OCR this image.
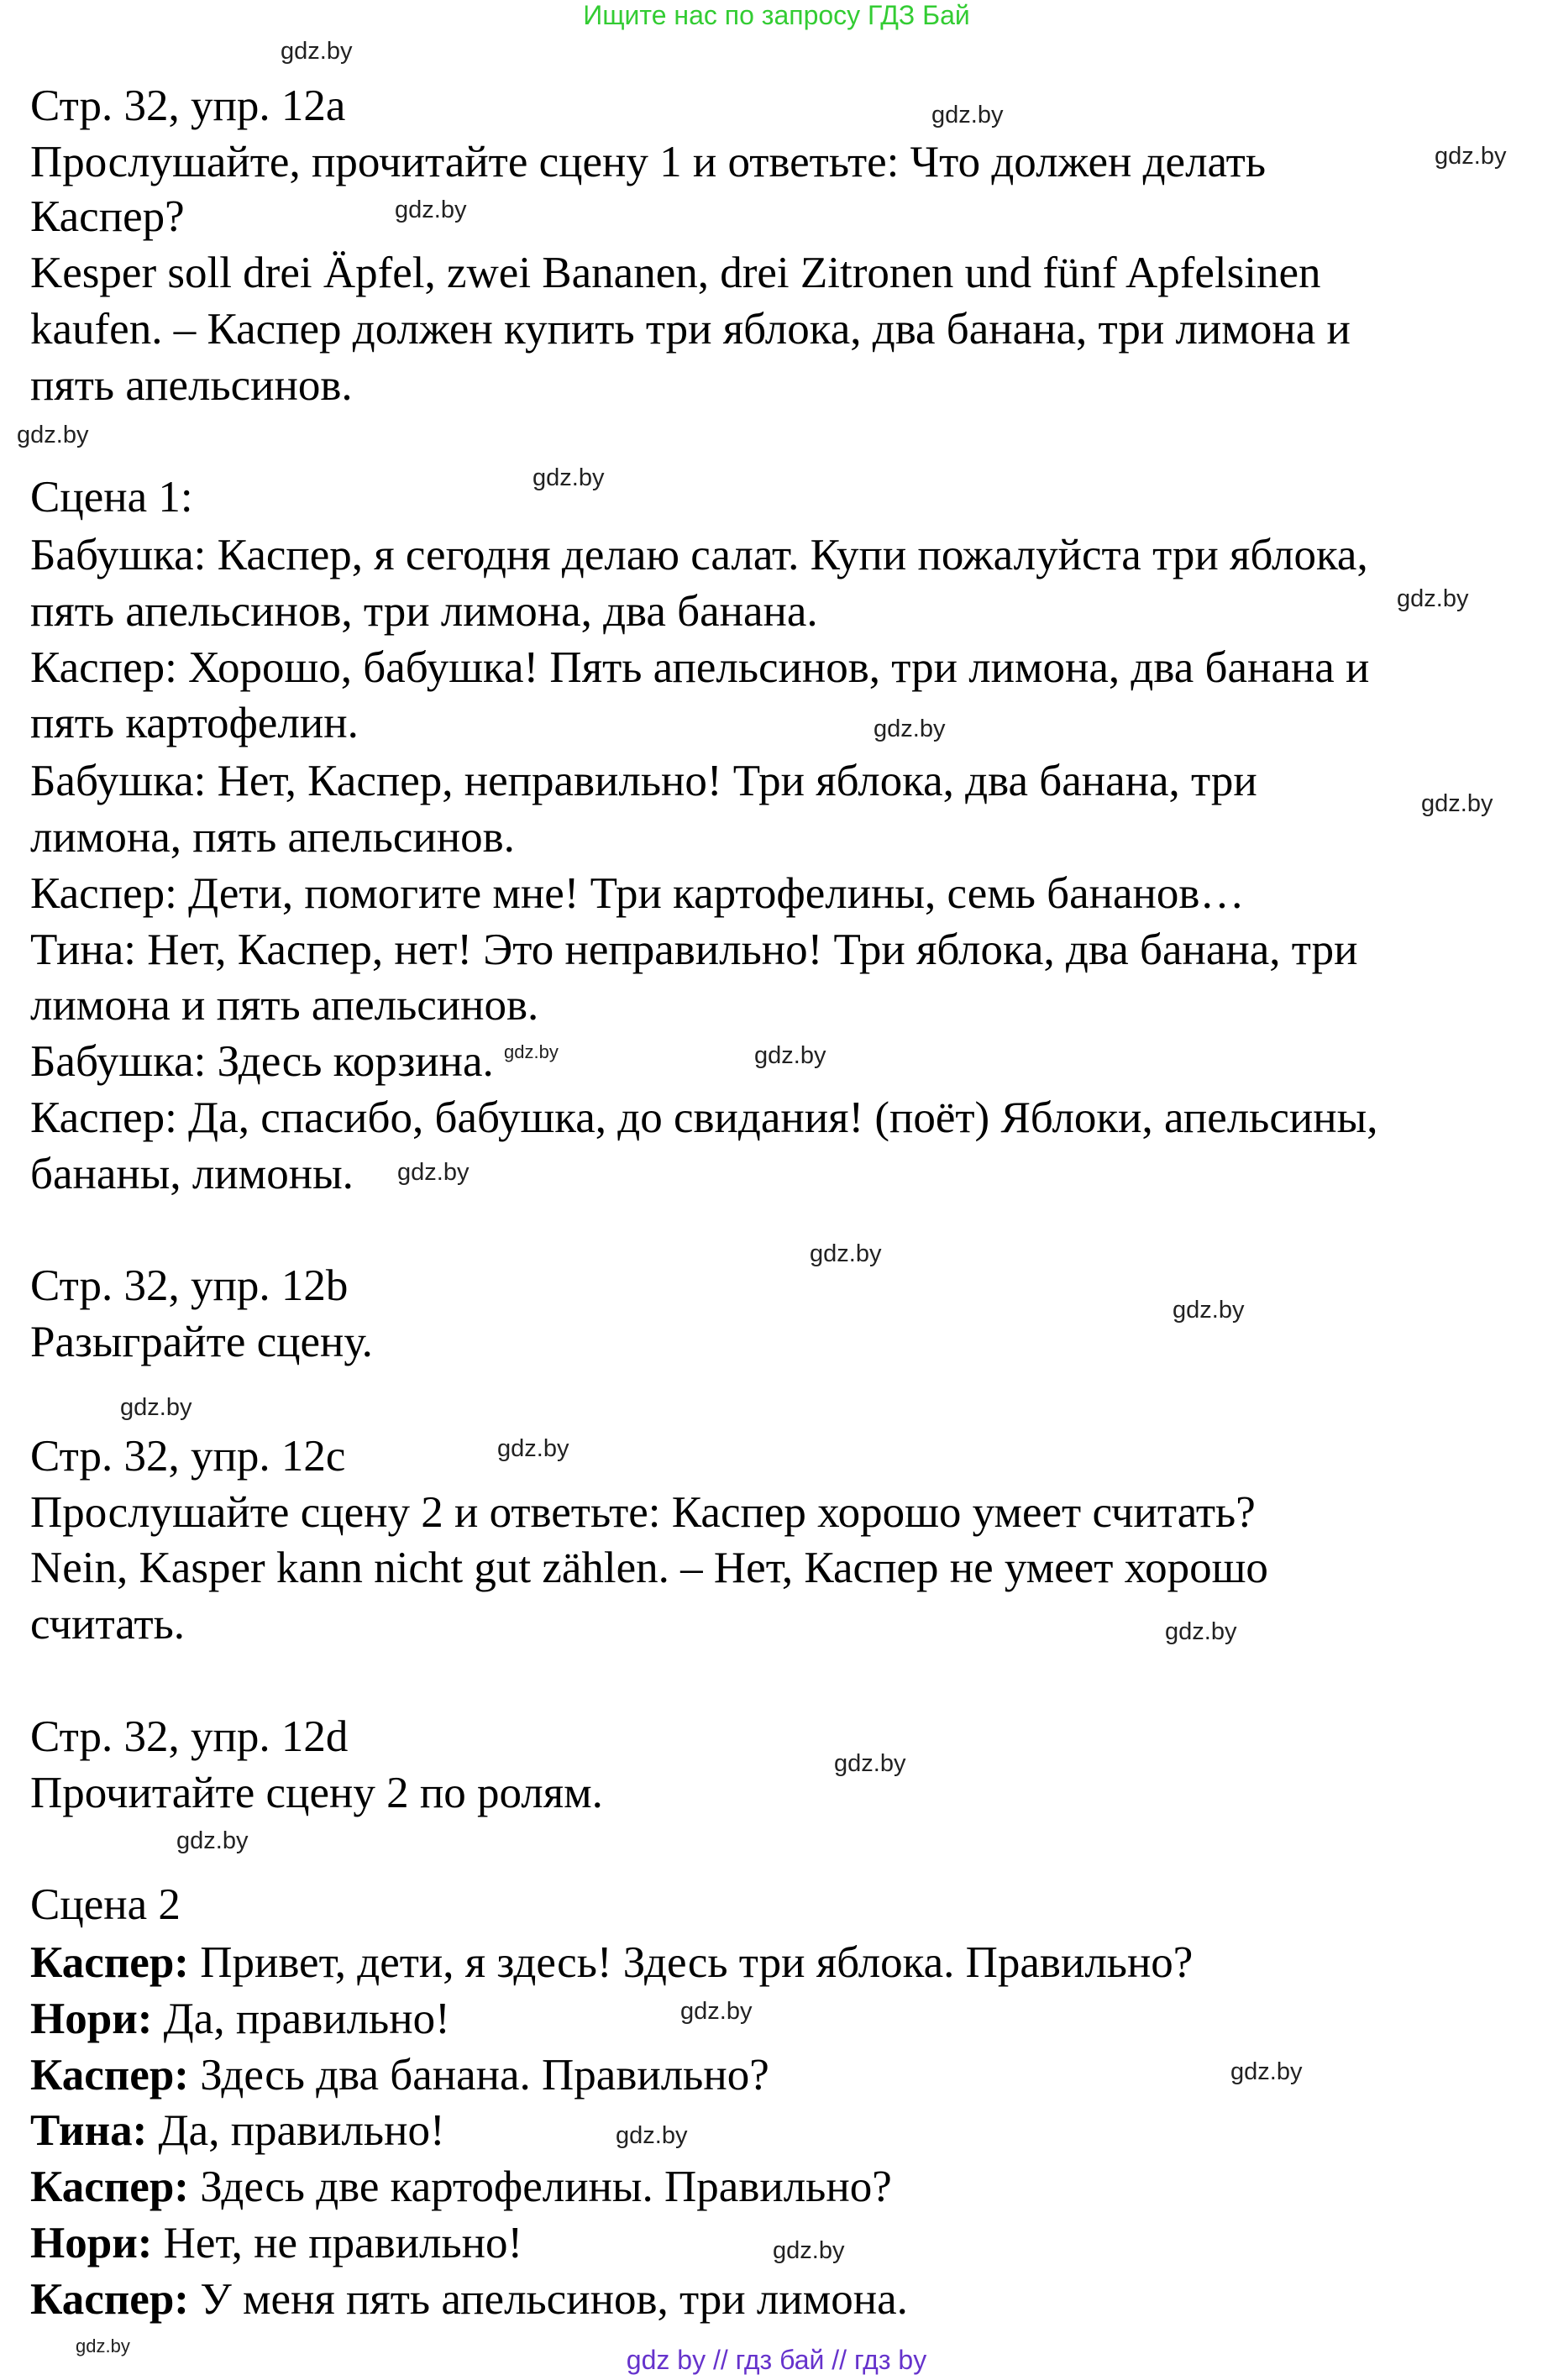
Ищите нас по запросу ГДЗ Бай
Стр. 32, упр. 12a
Прослушайте, прочитайте сцену 1 и ответьте: Что должен делать
Каспер?
Kesper soll drei Äpfel, zwei Bananen, drei Zitronen und fünf Apfelsinen
kaufen. – Каспер должен купить три яблока, два банана, три лимона и
пять апельсинов.
Сцена 1:
Бабушка: Каспер, я сегодня делаю салат. Купи пожалуйста три яблока,
пять апельсинов, три лимона, два банана.
Каспер: Хорошо, бабушка! Пять апельсинов, три лимона, два банана и
пять картофелин.
Бабушка: Нет, Каспер, неправильно! Три яблока, два банана, три
лимона, пять апельсинов.
Каспер: Дети, помогите мне! Три картофелины, семь бананов…
Тина: Нет, Каспер, нет! Это неправильно! Три яблока, два банана, три
лимона и пять апельсинов.
Бабушка: Здесь корзина.
Каспер: Да, спасибо, бабушка, до свидания! (поёт) Яблоки, апельсины,
бананы, лимоны.
Стр. 32, упр. 12b
Разыграйте сцену.
Стр. 32, упр. 12c
Прослушайте сцену 2 и ответьте: Каспер хорошо умеет считать?
Nein, Kasper kann nicht gut zählen. – Нет, Каспер не умеет хорошо
считать.
Стр. 32, упр. 12d
Прочитайте сцену 2 по ролям.
Сцена 2
Каспер: Привет, дети, я здесь! Здесь три яблока. Правильно?
Нори: Да, правильно!
Каспер: Здесь два банана. Правильно?
Тина: Да, правильно!
Каспер: Здесь две картофелины. Правильно?
Нори: Нет, не правильно!
Каспер: У меня пять апельсинов, три лимона.
gdz.by
gdz.by
gdz.by
gdz.by
gdz.by
gdz.by
gdz.by
gdz.by
gdz.by
gdz.by	gdz.by
gdz.by
gdz.by
gdz.by
gdz.by
gdz.by
gdz.by
gdz.by
gdz.by
gdz.by
gdz.by
gdz.by
gdz.by
gdz.by
gdz by // гдз бай // гдз by
